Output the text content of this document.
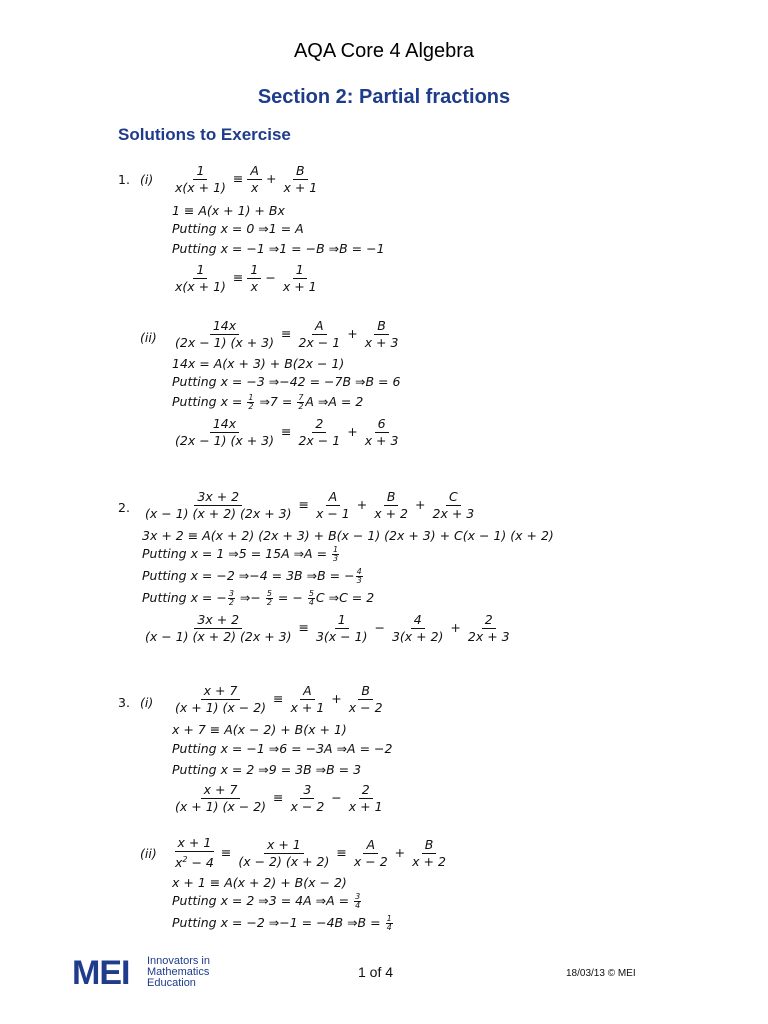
AQA Core 4 Algebra
Section 2: Partial fractions
Solutions to Exercise
1. $(i) \frac{1}{x(x + 1)} \equiv \frac{A}{x} + \frac{B}{x + 1}$
1 ≡ A(x + 1) + Bx
Putting x = 0 ⇒1 = A
Putting x = −1 ⇒1 = −B ⇒B = −1
$\frac{1}{x(x + 1)} \equiv \frac{1}{x} - \frac{1}{x + 1}$
$(ii) \frac{14x}{(2x - 1) (x + 3)} \equiv \frac{A}{2x - 1} + \frac{B}{x + 3}$
14x = A(x + 3) + B(2x − 1)
Putting x = −3 ⇒−42 = −7B ⇒B = 6
Putting $x = \frac{1}{2}$ ⇒7 = $\frac{7}{2}$ A ⇒A = 2
$\frac{14x}{(2x - 1) (x + 3)} \equiv \frac{2}{2x - 1} + \frac{6}{x + 3}$
2. $\frac{3x + 2}{(x - 1) (x + 2) (2x + 3)} \equiv \frac{A}{x - 1} + \frac{B}{x + 2} + \frac{C}{2x + 3}$
3x + 2 ≡ A(x + 2) (2x + 3) + B(x − 1) (2x + 3) + C(x − 1) (x + 2)
Putting x = 1 ⇒5 = 15A ⇒A = $\frac{1}{3}$
Putting x = −2 ⇒−4 = 3B ⇒B = − $\frac{4}{3}$
Putting x = − $\frac{3}{2}$ ⇒− $\frac{5}{2}$ = − $\frac{5}{4}$ C ⇒C = 2
$\frac{3x + 2}{(x - 1) (x + 2) (2x + 3)} \equiv \frac{1}{3(x - 1)} - \frac{4}{3(x + 2)} + \frac{2}{2x + 3}$
3. $(i) \frac{x + 7}{(x + 1) (x - 2)} \equiv \frac{A}{x + 1} + \frac{B}{x - 2}$
x + 7 ≡ A(x − 2) + B(x + 1)
Putting x = −1 ⇒6 = −3A ⇒A = −2
Putting x = 2 ⇒9 = 3B ⇒B = 3
$\frac{x + 7}{(x + 1) (x - 2)} \equiv \frac{3}{x - 2} - \frac{2}{x + 1}$
$(ii) \frac{x + 1}{x^2 - 4} \equiv \frac{x + 1}{(x - 2) (x + 2)} \equiv \frac{A}{x - 2} + \frac{B}{x + 2}$
x + 1 ≡ A(x + 2) + B(x − 2)
Putting x = 2 ⇒3 = 4A ⇒A = $\frac{3}{4}$
Putting x = −2 ⇒−1 = −4B ⇒B = $\frac{1}{4}$
MEI Innovators in
Mathematics
Education
1 of 4	18/03/13 © MEI
